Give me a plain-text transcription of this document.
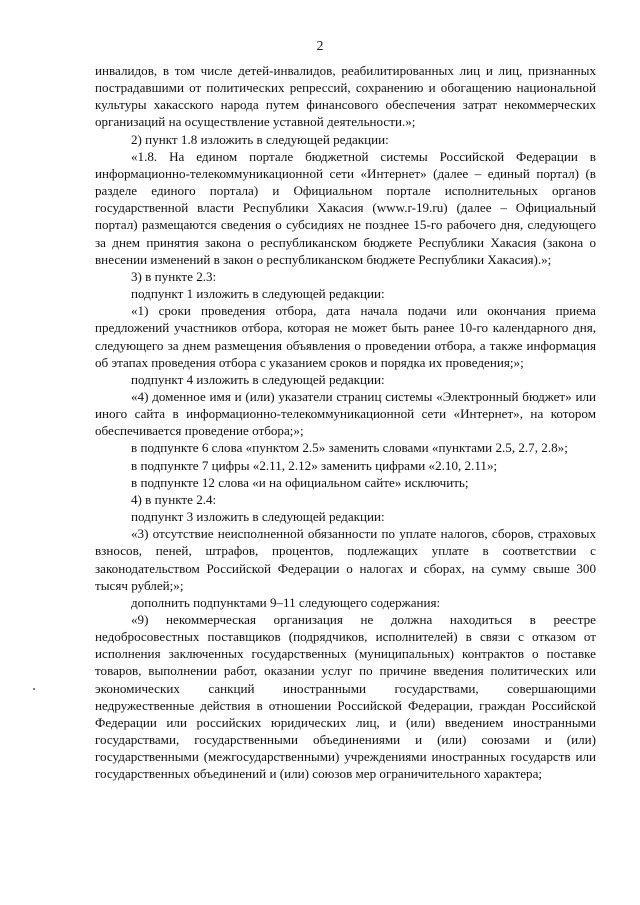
2

инвалидов, в том числе детей-инвалидов, реабилитированных лиц и лиц, признанных пострадавшими от политических репрессий, сохранению и обогащению национальной культуры хакасского народа путем финансового обеспечения затрат некоммерческих организаций на осуществление уставной деятельности.»;

2) пункт 1.8 изложить в следующей редакции:

«1.8. На едином портале бюджетной системы Российской Федерации в информационно-телекоммуникационной сети «Интернет» (далее – единый портал) (в разделе единого портала) и Официальном портале исполнительных органов государственной власти Республики Хакасия (www.r-19.ru) (далее – Официальный портал) размещаются сведения о субсидиях не позднее 15-го рабочего дня, следующего за днем принятия закона о республиканском бюджете Республики Хакасия (закона о внесении изменений в закон о республиканском бюджете Республики Хакасия).»;

3) в пункте 2.3:

подпункт 1 изложить в следующей редакции:

«1) сроки проведения отбора, дата начала подачи или окончания приема предложений участников отбора, которая не может быть ранее 10-го календарного дня, следующего за днем размещения объявления о проведении отбора, а также информация об этапах проведения отбора с указанием сроков и порядка их проведения;»;

подпункт 4 изложить в следующей редакции:

«4) доменное имя и (или) указатели страниц системы «Электронный бюджет» или иного сайта в информационно-телекоммуникационной сети «Интернет», на котором обеспечивается проведение отбора;»;

в подпункте 6 слова «пунктом 2.5» заменить словами «пунктами 2.5, 2.7, 2.8»;

в подпункте 7 цифры «2.11, 2.12» заменить цифрами «2.10, 2.11»;

в подпункте 12 слова «и на официальном сайте» исключить;

4) в пункте 2.4:

подпункт 3 изложить в следующей редакции:

«3) отсутствие неисполненной обязанности по уплате налогов, сборов, страховых взносов, пеней, штрафов, процентов, подлежащих уплате в соответствии с законодательством Российской Федерации о налогах и сборах, на сумму свыше 300 тысяч рублей;»;

дополнить подпунктами 9–11 следующего содержания:

«9) некоммерческая организация не должна находиться в реестре недобросовестных поставщиков (подрядчиков, исполнителей) в связи с отказом от исполнения заключенных государственных (муниципальных) контрактов о поставке товаров, выполнении работ, оказании услуг по причине введения политических или экономических санкций иностранными государствами, совершающими недружественные действия в отношении Российской Федерации, граждан Российской Федерации или российских юридических лиц, и (или) введением иностранными государствами, государственными объединениями и (или) союзами и (или) государственными (межгосударственными) учреждениями иностранных государств или государственных объединений и (или) союзов мер ограничительного характера;
